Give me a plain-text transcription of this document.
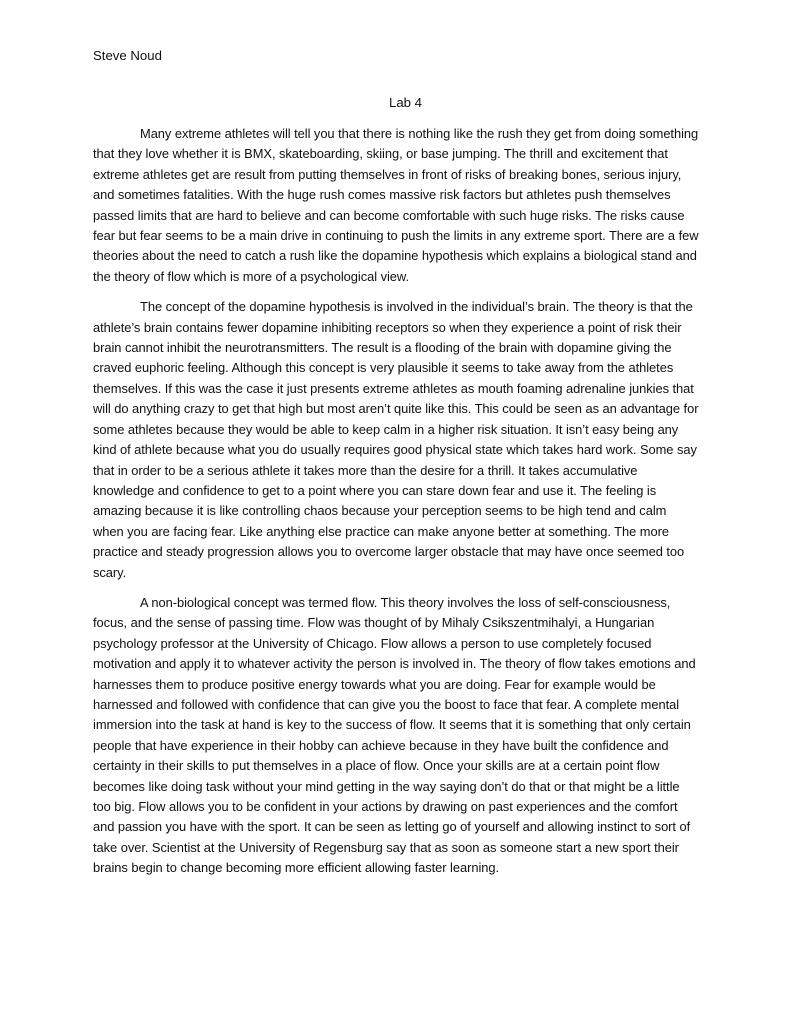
Steve Noud

Lab 4

Many extreme athletes will tell you that there is nothing like the rush they get from doing something that they love whether it is BMX, skateboarding, skiing, or base jumping. The thrill and excitement that extreme athletes get are result from putting themselves in front of risks of breaking bones, serious injury, and sometimes fatalities. With the huge rush comes massive risk factors but athletes push themselves passed limits that are hard to believe and can become comfortable with such huge risks. The risks cause fear but fear seems to be a main drive in continuing to push the limits in any extreme sport. There are a few theories about the need to catch a rush like the dopamine hypothesis which explains a biological stand and the theory of flow which is more of a psychological view.

The concept of the dopamine hypothesis is involved in the individual’s brain. The theory is that the athlete’s brain contains fewer dopamine inhibiting receptors so when they experience a point of risk their brain cannot inhibit the neurotransmitters. The result is a flooding of the brain with dopamine giving the craved euphoric feeling. Although this concept is very plausible it seems to take away from the athletes themselves. If this was the case it just presents extreme athletes as mouth foaming adrenaline junkies that will do anything crazy to get that high but most aren’t quite like this. This could be seen as an advantage for some athletes because they would be able to keep calm in a higher risk situation. It isn’t easy being any kind of athlete because what you do usually requires good physical state which takes hard work. Some say that in order to be a serious athlete it takes more than the desire for a thrill. It takes accumulative knowledge and confidence to get to a point where you can stare down fear and use it. The feeling is amazing because it is like controlling chaos because your perception seems to be high tend and calm when you are facing fear. Like anything else practice can make anyone better at something. The more practice and steady progression allows you to overcome larger obstacle that may have once seemed too scary.

A non-biological concept was termed flow. This theory involves the loss of self-consciousness, focus, and the sense of passing time. Flow was thought of by Mihaly Csikszentmihalyi, a Hungarian psychology professor at the University of Chicago. Flow allows a person to use completely focused motivation and apply it to whatever activity the person is involved in. The theory of flow takes emotions and harnesses them to produce positive energy towards what you are doing. Fear for example would be harnessed and followed with confidence that can give you the boost to face that fear. A complete mental immersion into the task at hand is key to the success of flow. It seems that it is something that only certain people that have experience in their hobby can achieve because in they have built the confidence and certainty in their skills to put themselves in a place of flow. Once your skills are at a certain point flow becomes like doing task without your mind getting in the way saying don’t do that or that might be a little too big. Flow allows you to be confident in your actions by drawing on past experiences and the comfort and passion you have with the sport. It can be seen as letting go of yourself and allowing instinct to sort of take over. Scientist at the University of Regensburg say that as soon as someone start a new sport their brains begin to change becoming more efficient allowing faster learning.
